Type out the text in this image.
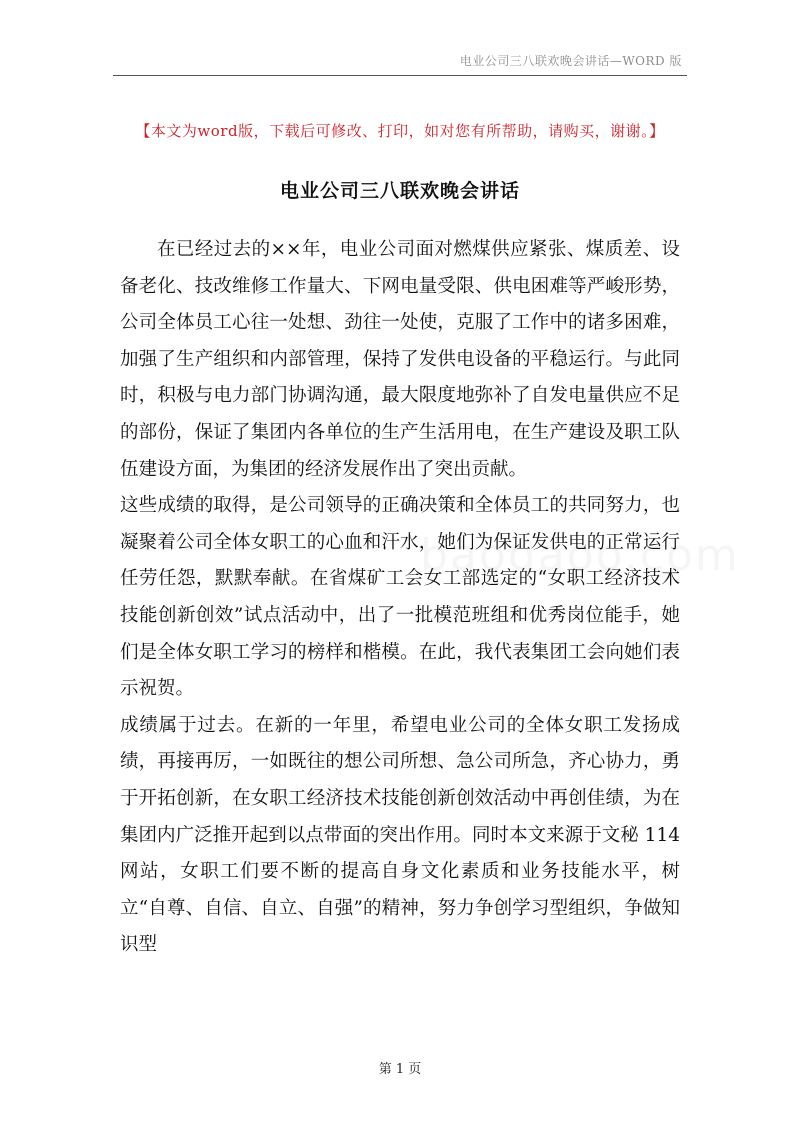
电业公司三八联欢晚会讲话—WORD 版
【本文为word版，下载后可修改、打印，如对您有所帮助，请购买，谢谢。】
电业公司三八联欢晚会讲话

在已经过去的××年，电业公司面对燃煤供应紧张、煤质差、设备老化、技改维修工作量大、下网电量受限、供电困难等严峻形势，公司全体员工心往一处想、劲往一处使，克服了工作中的诸多困难，加强了生产组织和内部管理，保持了发供电设备的平稳运行。与此同时，积极与电力部门协调沟通，最大限度地弥补了自发电量供应不足的部份，保证了集团内各单位的生产生活用电，在生产建设及职工队伍建设方面，为集团的经济发展作出了突出贡献。

这些成绩的取得，是公司领导的正确决策和全体员工的共同努力，也凝聚着公司全体女职工的心血和汗水，她们为保证发供电的正常运行任劳任怨，默默奉献。在省煤矿工会女工部选定的“女职工经济技术技能创新创效”试点活动中，出了一批模范班组和优秀岗位能手，她们是全体女职工学习的榜样和楷模。在此，我代表集团工会向她们表示祝贺。

成绩属于过去。在新的一年里，希望电业公司的全体女职工发扬成绩，再接再厉，一如既往的想公司所想、急公司所急，齐心协力，勇于开拓创新，在女职工经济技术技能创新创效活动中再创佳绩，为在集团内广泛推开起到以点带面的突出作用。同时本文来源于文秘 114 网站，女职工们要不断的提高自身文化素质和业务技能水平，树立“自尊、自信、自立、自强”的精神，努力争创学习型组织，争做知识型

第 1 页
